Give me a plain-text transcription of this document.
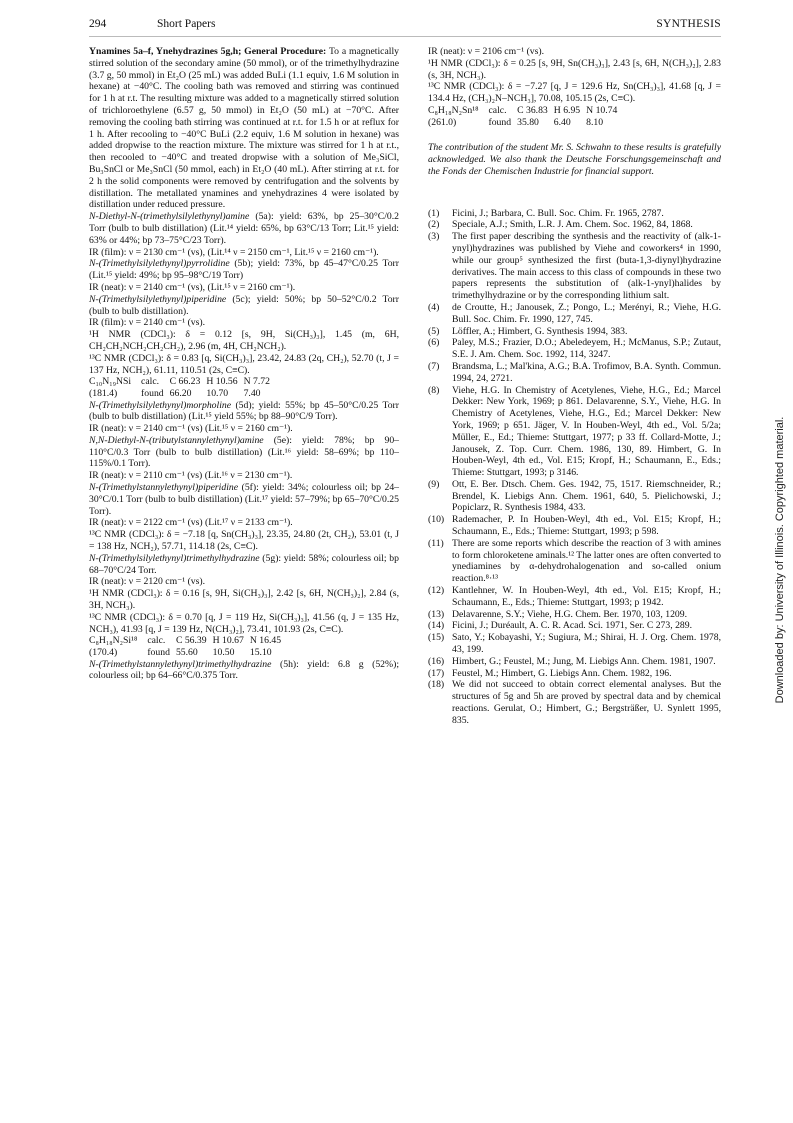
294	Short Papers	SYNTHESIS

Ynamines 5a–f, Ynehydrazines 5g,h; General Procedure: To a magnetically stirred solution of the secondary amine (50 mmol), or of the trimethylhydrazine (3.7 g, 50 mmol) in Et₂O (25 mL) was added BuLi (1.1 equiv, 1.6 M solution in hexane) at −40°C. The cooling bath was removed and stirring was continued for 1 h at r.t. The resulting mixture was added to a magnetically stirred solution of trichloroethylene (6.57 g, 50 mmol) in Et₂O (50 mL) at −70°C. After removing the cooling bath stirring was continued at r.t. for 1.5 h or at reflux for 1 h. After recooling to −40°C BuLi (2.2 equiv, 1.6 M solution in hexane) was added dropwise to the reaction mixture. The mixture was stirred for 1 h at r.t., then recooled to −40°C and treated dropwise with a solution of Me₃SiCl, Bu₃SnCl or Me₃SnCl (50 mmol, each) in Et₂O (40 mL). After stirring at r.t. for 2 h the solid components were removed by centrifugation and the solvents by distillation. The metallated ynamines and ynehydrazines 4 were isolated by distillation under reduced pressure.

N-Diethyl-N-(trimethylsilylethynyl)amine (5a): yield: 63%, bp 25–30°C/0.2 Torr (bulb to bulb distillation) (Lit.¹⁴ yield: 65%, bp 63°C/13 Torr; Lit.¹⁵ yield: 63% or 44%; bp 73–75°C/23 Torr).

IR (film): ν = 2130 cm⁻¹ (vs), (Lit.¹⁴ ν = 2150 cm⁻¹, Lit.¹⁵ ν = 2160 cm⁻¹).

N-(Trimethylsilylethynyl)pyrrolidine (5b); yield: 73%, bp 45–47°C/0.25 Torr (Lit.¹⁵ yield: 49%; bp 95–98°C/19 Torr)

IR (neat): ν = 2140 cm⁻¹ (vs), (Lit.¹⁵ ν = 2160 cm⁻¹).

N-(Trimethylsilylethynyl)piperidine (5c); yield: 50%; bp 50–52°C/0.2 Torr (bulb to bulb distillation).

IR (film): ν = 2140 cm⁻¹ (vs).

¹H NMR (CDCl₃): δ = 0.12 [s, 9H, Si(CH₃)₃], 1.45 (m, 6H, CH₂CH₂NCH₂CH₂CH₂), 2.96 (m, 4H, CH₂NCH₂).

¹³C NMR (CDCl₃): δ = 0.83 [q, Si(CH₃)₃], 23.42, 24.83 (2q, CH₂), 52.70 (t, J = 137 Hz, NCH₂), 61.11, 110.51 (2s, C≡C).

C₁₀N₁₉NSi	calc.	C 66.23	H 10.56	N 7.72
(181.4)	found	66.20	10.70	7.40

N-(Trimethylsilylethynyl)morpholine (5d); yield: 55%; bp 45–50°C/0.25 Torr (bulb to bulb distillation) (Lit.¹⁵ yield 55%; bp 88–90°C/9 Torr).

IR (neat): ν = 2140 cm⁻¹ (vs) (Lit.¹⁵ ν = 2160 cm⁻¹).

N,N-Diethyl-N-(tributylstannylethynyl)amine (5e): yield: 78%; bp 90–110°C/0.3 Torr (bulb to bulb distillation) (Lit.¹⁶ yield: 58–69%; bp 110–115%/0.1 Torr).

IR (neat): ν = 2110 cm⁻¹ (vs) (Lit.¹⁶ ν = 2130 cm⁻¹).

N-(Trimethylstannylethynyl)piperidine (5f): yield: 34%; colourless oil; bp 24–30°C/0.1 Torr (bulb to bulb distillation) (Lit.¹⁷ yield: 57–79%; bp 65–70°C/0.25 Torr).

IR (neat): ν = 2122 cm⁻¹ (vs) (Lit.¹⁷ ν = 2133 cm⁻¹).

¹³C NMR (CDCl₃): δ = −7.18 [q, Sn(CH₃)₃], 23.35, 24.80 (2t, CH₂), 53.01 (t, J = 138 Hz, NCH₂), 57.71, 114.18 (2s, C≡C).

N-(Trimethylsilylethynyl)trimethylhydrazine (5g): yield: 58%; colourless oil; bp 68–70°C/24 Torr.

IR (neat): ν = 2120 cm⁻¹ (vs).

¹H NMR (CDCl₃): δ = 0.16 [s, 9H, Si(CH₃)₃], 2.42 [s, 6H, N(CH₃)₂], 2.84 (s, 3H, NCH₃).

¹³C NMR (CDCl₃): δ = 0.70 [q, J = 119 Hz, Si(CH₃)₃], 41.56 (q, J = 135 Hz, NCH₃), 41.93 [q, J = 139 Hz, N(CH₃)₂], 73.41, 101.93 (2s, C≡C).

C₈H₁₈N₂Si¹⁸	calc.	C 56.39	H 10.67	N 16.45
(170.4)	found	55.60	10.50	15.10

N-(Trimethylstannylethynyl)trimethylhydrazine (5h): yield: 6.8 g (52%); colourless oil; bp 64–66°C/0.375 Torr.

IR (neat): ν = 2106 cm⁻¹ (vs).

¹H NMR (CDCl₃): δ = 0.25 [s, 9H, Sn(CH₃)₃], 2.43 [s, 6H, N(CH₃)₂], 2.83 (s, 3H, NCH₃).

¹³C NMR (CDCl₃): δ = −7.27 [q, J = 129.6 Hz, Sn(CH₃)₃], 41.68 [q, J = 134.4 Hz, (CH₃)₂N–NCH₃], 70.08, 105.15 (2s, C≡C).

C₈H₁₈N₂Sn¹⁸	calc.	C 36.83	H 6.95	N 10.74
(261.0)	found	35.80	6.40	8.10

The contribution of the student Mr. S. Schwahn to these results is gratefully acknowledged. We also thank the Deutsche Forschungsgemeinschaft and the Fonds der Chemischen Industrie for financial support.

(1)	Ficini, J.; Barbara, C. Bull. Soc. Chim. Fr. 1965, 2787.
(2)	Speciale, A.J.; Smith, L.R. J. Am. Chem. Soc. 1962, 84, 1868.
(3)	The first paper describing the synthesis and the reactivity of (alk-1-ynyl)hydrazines was published by Viehe and coworkers⁴ in 1990, while our group⁵ synthesized the first (buta-1,3-diynyl)hydrazine derivatives. The main access to this class of compounds in these two papers represents the substitution of (alk-1-ynyl)halides by trimethylhydrazine or by the corresponding lithium salt.
(4)	de Croutte, H.; Janousek, Z.; Pongo, L.; Merényi, R.; Viehe, H.G. Bull. Soc. Chim. Fr. 1990, 127, 745.
(5)	Löffler, A.; Himbert, G. Synthesis 1994, 383.
(6)	Paley, M.S.; Frazier, D.O.; Abeledeyem, H.; McManus, S.P.; Zutaut, S.E. J. Am. Chem. Soc. 1992, 114, 3247.
(7)	Brandsma, L.; Mal'kina, A.G.; B.A. Trofimov, B.A. Synth. Commun. 1994, 24, 2721.
(8)	Viehe, H.G. In Chemistry of Acetylenes, Viehe, H.G., Ed.; Marcel Dekker: New York, 1969; p 861. Delavarenne, S.Y., Viehe, H.G. In Chemistry of Acetylenes, Viehe, H.G., Ed.; Marcel Dekker: New York, 1969; p 651. Jäger, V. In Houben-Weyl, 4th ed., Vol. 5/2a; Müller, E., Ed.; Thieme: Stuttgart, 1977; p 33 ff. Collard-Motte, J.; Janousek, Z. Top. Curr. Chem. 1986, 130, 89. Himbert, G. In Houben-Weyl, 4th ed., Vol. E15; Kropf, H.; Schaumann, E., Eds.; Thieme: Stuttgart, 1993; p 3146.
(9)	Ott, E. Ber. Dtsch. Chem. Ges. 1942, 75, 1517. Riemschneider, R.; Brendel, K. Liebigs Ann. Chem. 1961, 640, 5. Pielichowski, J.; Popiclarz, R. Synthesis 1984, 433.
(10) Rademacher, P. In Houben-Weyl, 4th ed., Vol. E15; Kropf, H.; Schaumann, E., Eds.; Thieme: Stuttgart, 1993; p 598.
(11) There are some reports which describe the reaction of 3 with amines to form chloroketene aminals.¹² The latter ones are often converted to ynediamines by α-dehydrohalogenation and so-called onium reaction.⁸·¹³
(12) Kantlehner, W. In Houben-Weyl, 4th ed., Vol. E15; Kropf, H.; Schaumann, E., Eds.; Thieme: Stuttgart, 1993; p 1942.
(13) Delavarenne, S.Y.; Viehe, H.G. Chem. Ber. 1970, 103, 1209.
(14) Ficini, J.; Duréault, A. C. R. Acad. Sci. 1971, Ser. C 273, 289.
(15) Sato, Y.; Kobayashi, Y.; Sugiura, M.; Shirai, H. J. Org. Chem. 1978, 43, 199.
(16) Himbert, G.; Feustel, M.; Jung, M. Liebigs Ann. Chem. 1981, 1907.
(17) Feustel, M.; Himbert, G. Liebigs Ann. Chem. 1982, 196.
(18) We did not succeed to obtain correct elemental analyses. But the structures of 5g and 5h are proved by spectral data and by chemical reactions. Gerulat, O.; Himbert, G.; Bergsträßer, U. Synlett 1995, 835.
Downloaded by: University of Illinois. Copyrighted material.
